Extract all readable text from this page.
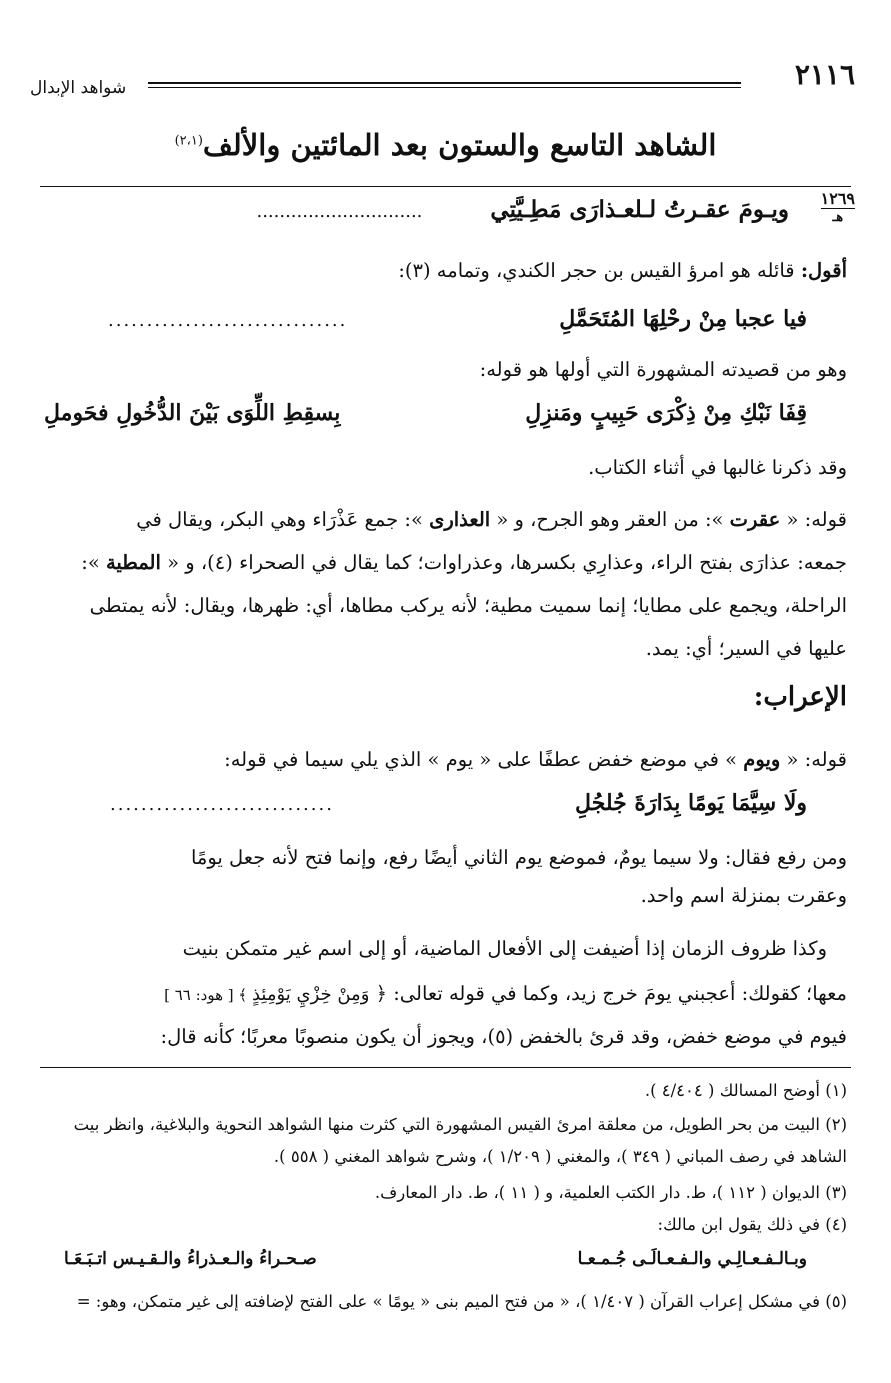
٢١١٦
شواهد الإبدال
الشاهد التاسع والستون بعد المائتين والألف$^{(٢،١)}$
١٢٦٩
هـ
ويـومَ عقـرتُ لـلعـذارَى مَطِـيَّتِي .............................
أقول: قائله هو امرؤ القيس بن حجر الكندي، وتمامه (٣):
فيا عجبا مِنْ رحْلِهَا المُتَحَمَّلِ
...............................
وهو من قصيدته المشهورة التي أولها هو قوله:
قِفَا نَبْكِ مِنْ ذِكْرَى حَبِيبٍ ومَنزِلِ
بِسقِطِ اللِّوَى بَيْنَ الدُّخُولِ فحَوملِ
وقد ذكرنا غالبها في أثناء الكتاب.
قوله: « عقرت »: من العقر وهو الجرح، و « العذارى »: جمع عَذْرَاء وهي البكر، ويقال في
جمعه: عذارَى بفتح الراء، وعذارِي بكسرها، وعذراوات؛ كما يقال في الصحراء (٤)، و « المطية »:
الراحلة، ويجمع على مطايا؛ إنما سميت مطية؛ لأنه يركب مطاها، أي: ظهرها، ويقال: لأنه يمتطى
عليها في السير؛ أي: يمد.
الإعراب:
قوله: « ويوم » في موضع خفض عطفًا على « يوم » الذي يلي سيما في قوله:
ولَا سِيَّمَا يَومًا بِدَارَةَ جُلجُلِ
.............................
ومن رفع فقال: ولا سيما يومٌ، فموضع يوم الثاني أيضًا رفع، وإنما فتح لأنه جعل يومًا
وعقرت بمنزلة اسم واحد.
وكذا ظروف الزمان إذا أضيفت إلى الأفعال الماضية، أو إلى اسم غير متمكن بنيت
معها؛ كقولك: أعجبني يومَ خرج زيد، وكما في قوله تعالى: ﴿ وَمِنْ خِزْيِ يَوْمِئِذٍ ﴾ [ هود: ٦٦ ]
فيوم في موضع خفض، وقد قرئ بالخفض (٥)، ويجوز أن يكون منصوبًا معربًا؛ كأنه قال:
(١) أوضح المسالك ( ٤/٤٠٤ ).
(٢) البيت من بحر الطويل، من معلقة امرئ القيس المشهورة التي كثرت منها الشواهد النحوية والبلاغية، وانظر بيت
الشاهد في رصف المباني ( ٣٤٩ )، والمغني ( ١/٢٠٩ )، وشرح شواهد المغني ( ٥٥٨ ).
(٣) الديوان ( ١١٢ )، ط. دار الكتب العلمية، و ( ١١ )، ط. دار المعارف.
(٤) في ذلك يقول ابن مالك:
وبـالـفـعـالِـي والـفـعـالَـى جُـمـعـا
صـحـراءُ والـعـذراءُ والـقـيـس اتـبَـعَـا
(٥) في مشكل إعراب القرآن ( ١/٤٠٧ )، « من فتح الميم بنى « يومًا » على الفتح لإضافته إلى غير متمكن، وهو: =
